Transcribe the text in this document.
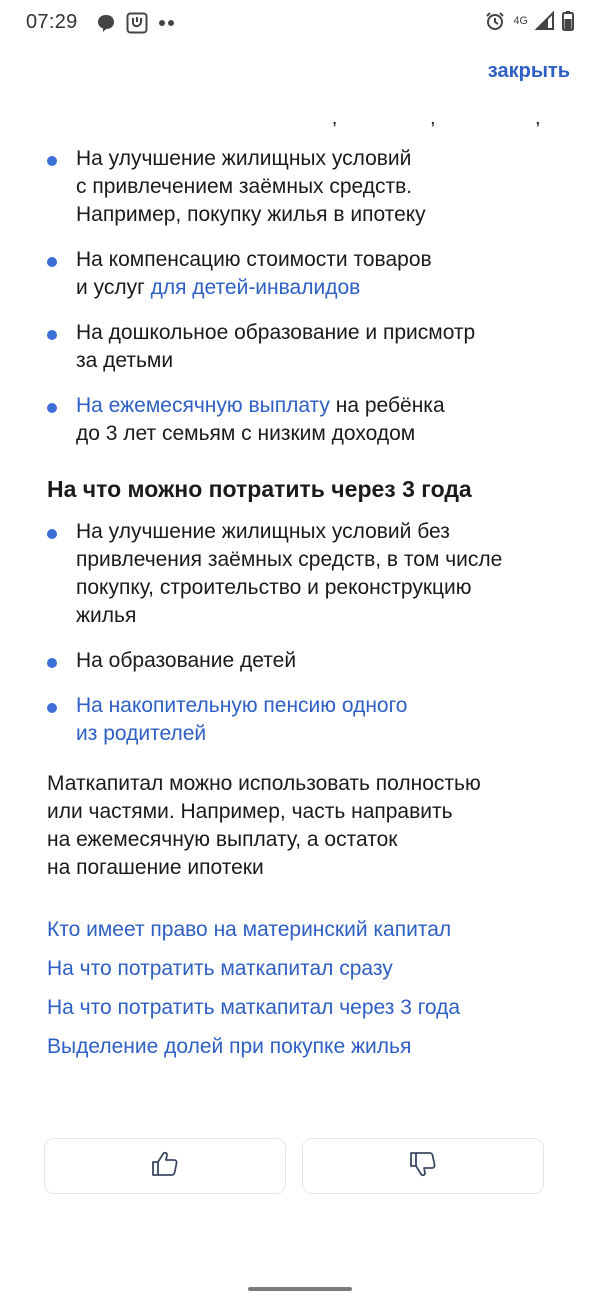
07:29	4G
закрыть
,              ,               ,
На улучшение жилищных условий
с привлечением заёмных средств.
Например, покупку жилья в ипотеку
На компенсацию стоимости товаров
и услуг для детей-инвалидов
На дошкольное образование и присмотр
за детьми
На ежемесячную выплату на ребёнка
до 3 лет семьям с низким доходом
На что можно потратить через 3 года
На улучшение жилищных условий без
привлечения заёмных средств, в том числе
покупку, строительство и реконструкцию
жилья
На образование детей
На накопительную пенсию одного
из родителей
Маткапитал можно использовать полностью
или частями. Например, часть направить
на ежемесячную выплату, а остаток
на погашение ипотеки
Кто имеет право на материнский капитал
На что потратить маткапитал сразу
На что потратить маткапитал через 3 года
Выделение долей при покупке жилья
